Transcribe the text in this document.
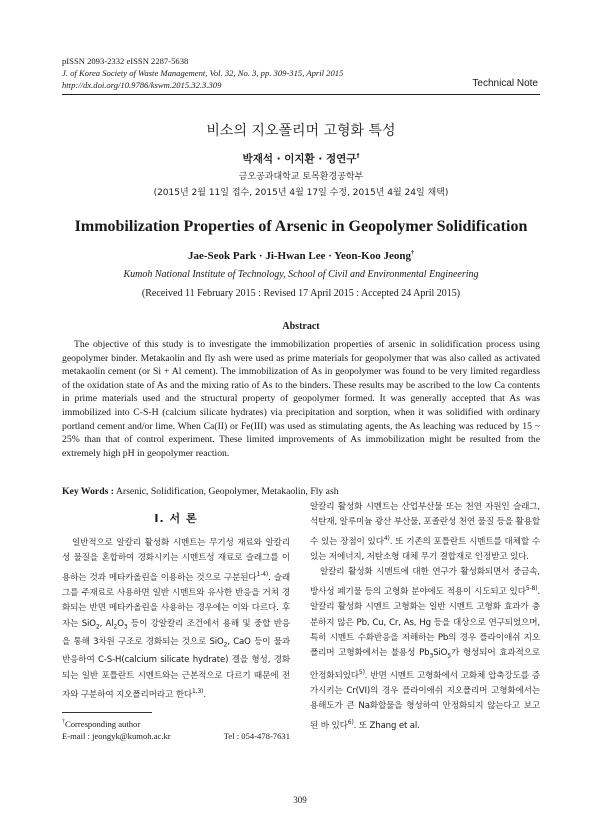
pISSN 2093-2332 eISSN 2287-5638
J. of Korea Society of Waste Management, Vol. 32, No. 3, pp. 309-315, April 2015
http://dx.doi.org/10.9786/kswm.2015.32.3.309	Technical Note
비소의 지오폴리머 고형화 특성
박재석 · 이지환 · 정연구†
금오공과대학교 토목환경공학부
(2015년 2월 11일 접수, 2015년 4월 17일 수정, 2015년 4월 24일 채택)
Immobilization Properties of Arsenic in Geopolymer Solidification
Jae-Seok Park · Ji-Hwan Lee · Yeon-Koo Jeong†
Kumoh National Institute of Technology, School of Civil and Environmental Engineering
(Received 11 February 2015 : Revised 17 April 2015 : Accepted 24 April 2015)
Abstract
The objective of this study is to investigate the immobilization properties of arsenic in solidification process using geopolymer binder. Metakaolin and fly ash were used as prime materials for geopolymer that was also called as activated metakaolin cement (or Si + Al cement). The immobilization of As in geopolymer was found to be very limited regardless of the oxidation state of As and the mixing ratio of As to the binders. These results may be ascribed to the low Ca contents in prime materials used and the structural property of geopolymer formed. It was generally accepted that As was immobilized into C-S-H (calcium silicate hydrates) via precipitation and sorption, when it was solidified with ordinary portland cement and/or lime. When Ca(II) or Fe(III) was used as stimulating agents, the As leaching was reduced by 15 ~ 25% than that of control experiment. These limited improvements of As immobilization might be resulted from the extremely high pH in geopolymer reaction.
Key Words : Arsenic, Solidification, Geopolymer, Metakaolin, Fly ash
I. 서 론

일반적으로 알칼리 활성화 시멘트는 무기성 재료와 알칼리성 물질을 혼합하여 경화시키는 시멘트성 재료로 슬래그를 이용하는 것과 메타카올린을 이용하는 것으로 구분된다$^{1-4)}$. 슬래그를 주재료로 사용하면 일반 시멘트와 유사한 반응을 거쳐 경화되는 반면 메타카올린을 사용하는 경우에는 이와 다르다. 후자는 SiO$_2$, $Al_2O_3$ 등이 강알칼리 조건에서 용해 및 중합 반응을 통해 3차원 구조로 경화되는 것으로 SiO$_2$, CaO 등이 물과 반응하여 C-S-H(calcium silicate hydrate) 겔을 형성, 경화되는 일반 포틀란트 시멘트와는 근본적으로 다르기 때문에 전자와 구분하여 지오폴리머라고 한다$^{1,3)}$.

알칼리 활성화 시멘트는 산업부산물 또는 천연 자원인 슬래그, 석탄재, 알루미늄 광산 부산물, 포졸란성 천연 물질 등을 활용할 수 있는 장점이 있다$^{4)}$. 또 기존의 포틀란트 시멘트를 대체할 수 있는 저에너지, 저탄소형 대체 무기 결합재로 인정받고 있다.

알칼리 활성화 시멘트에 대한 연구가 활성화되면서 중금속, 방사성 폐기물 등의 고형화 분야에도 적용이 시도되고 있다$^{5-8)}$. 알칼리 활성화 시멘트 고형화는 일반 시멘트 고형화 효과가 충분하지 않은 Pb, Cu, Cr, As, Hg 등을 대상으로 연구되었으며, 특히 시멘트 수화반응을 저해하는 Pb의 경우 플라이애쉬 지오폴리머 고형화에서는 불용성 $Pb_3SiO_5$가 형성되어 효과적으로 안정화되었다$^{5)}$. 반면 시멘트 고형화에서 고화체 압축강도를 증가시키는 Cr(VI)의 경우 플라이애쉬 지오폴리머 고형화에서는 용해도가 큰 Na화합물을 형성하여 안정화되지 않는다고 보고된 바 있다$^{6)}$. 또 Zhang et al.

†Corresponding author
E-mail : jeongyk@kumoh.ac.kr	Tel : 054-478-7631
309
